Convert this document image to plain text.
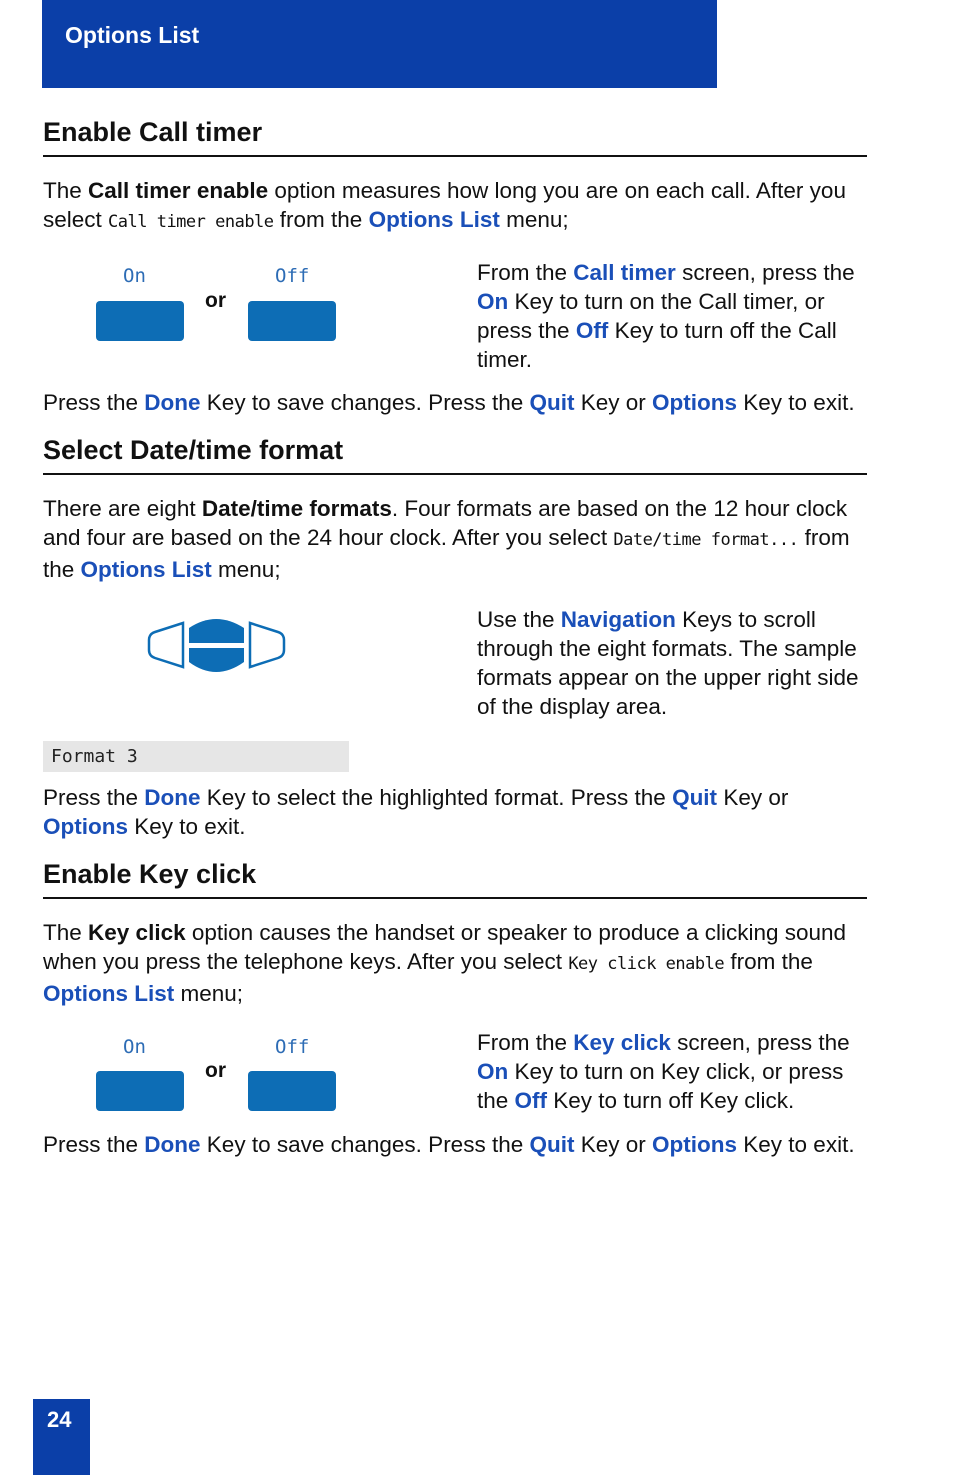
Options List
Enable Call timer

The Call timer enable option measures how long you are on each call. After you select Call timer enable from the Options List menu;

On	Off
or

From the Call timer screen, press the On Key to turn on the Call timer, or press the Off Key to turn off the Call timer.

Press the Done Key to save changes. Press the Quit Key or Options Key to exit.

Select Date/time format

There are eight Date/time formats. Four formats are based on the 12 hour clock and four are based on the 24 hour clock. After you select Date/time format... from the Options List menu;

Use the Navigation Keys to scroll through the eight formats. The sample formats appear on the upper right side of the display area.

Format 3

Press the Done Key to select the highlighted format. Press the Quit Key or Options Key to exit.

Enable Key click

The Key click option causes the handset or speaker to produce a clicking sound when you press the telephone keys. After you select Key click enable from the Options List menu;

On	Off
or

From the Key click screen, press the On Key to turn on Key click, or press the Off Key to turn off Key click.

Press the Done Key to save changes. Press the Quit Key or Options Key to exit.

24
